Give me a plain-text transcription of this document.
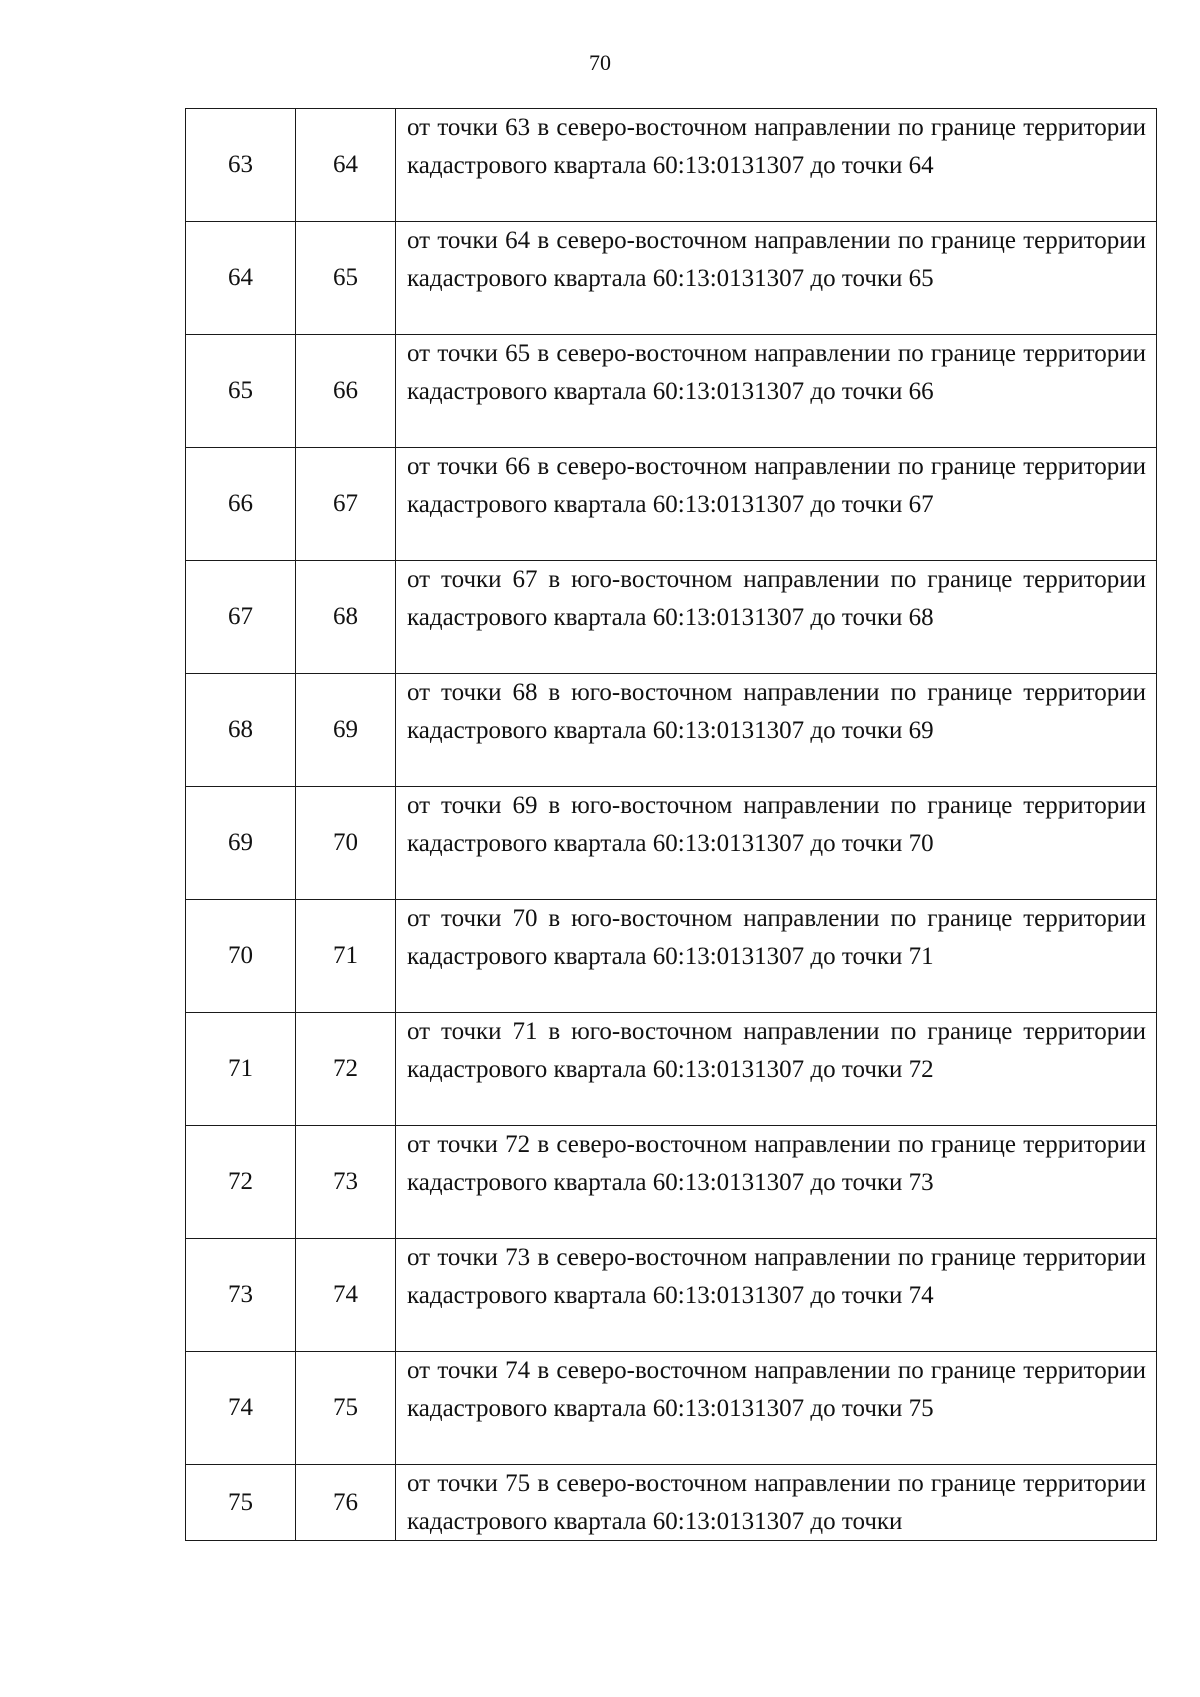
70
63	64	от точки 63 в северо-восточном направлении по границе территории кадастрового квартала 60:13:0131307 до точки 64
64	65	от точки 64 в северо-восточном направлении по границе территории кадастрового квартала 60:13:0131307 до точки 65
65	66	от точки 65 в северо-восточном направлении по границе территории кадастрового квартала 60:13:0131307 до точки 66
66	67	от точки 66 в северо-восточном направлении по границе территории кадастрового квартала 60:13:0131307 до точки 67
67	68	от точки 67 в юго-восточном направлении по границе территории кадастрового квартала 60:13:0131307 до точки 68
68	69	от точки 68 в юго-восточном направлении по границе территории кадастрового квартала 60:13:0131307 до точки 69
69	70	от точки 69 в юго-восточном направлении по границе территории кадастрового квартала 60:13:0131307 до точки 70
70	71	от точки 70 в юго-восточном направлении по границе территории кадастрового квартала 60:13:0131307 до точки 71
71	72	от точки 71 в юго-восточном направлении по границе территории кадастрового квартала 60:13:0131307 до точки 72
72	73	от точки 72 в северо-восточном направлении по границе территории кадастрового квартала 60:13:0131307 до точки 73
73	74	от точки 73 в северо-восточном направлении по границе территории кадастрового квартала 60:13:0131307 до точки 74
74	75	от точки 74 в северо-восточном направлении по границе территории кадастрового квартала 60:13:0131307 до точки 75
75	76	от точки 75 в северо-восточном направлении по границе территории кадастрового квартала 60:13:0131307 до точки
